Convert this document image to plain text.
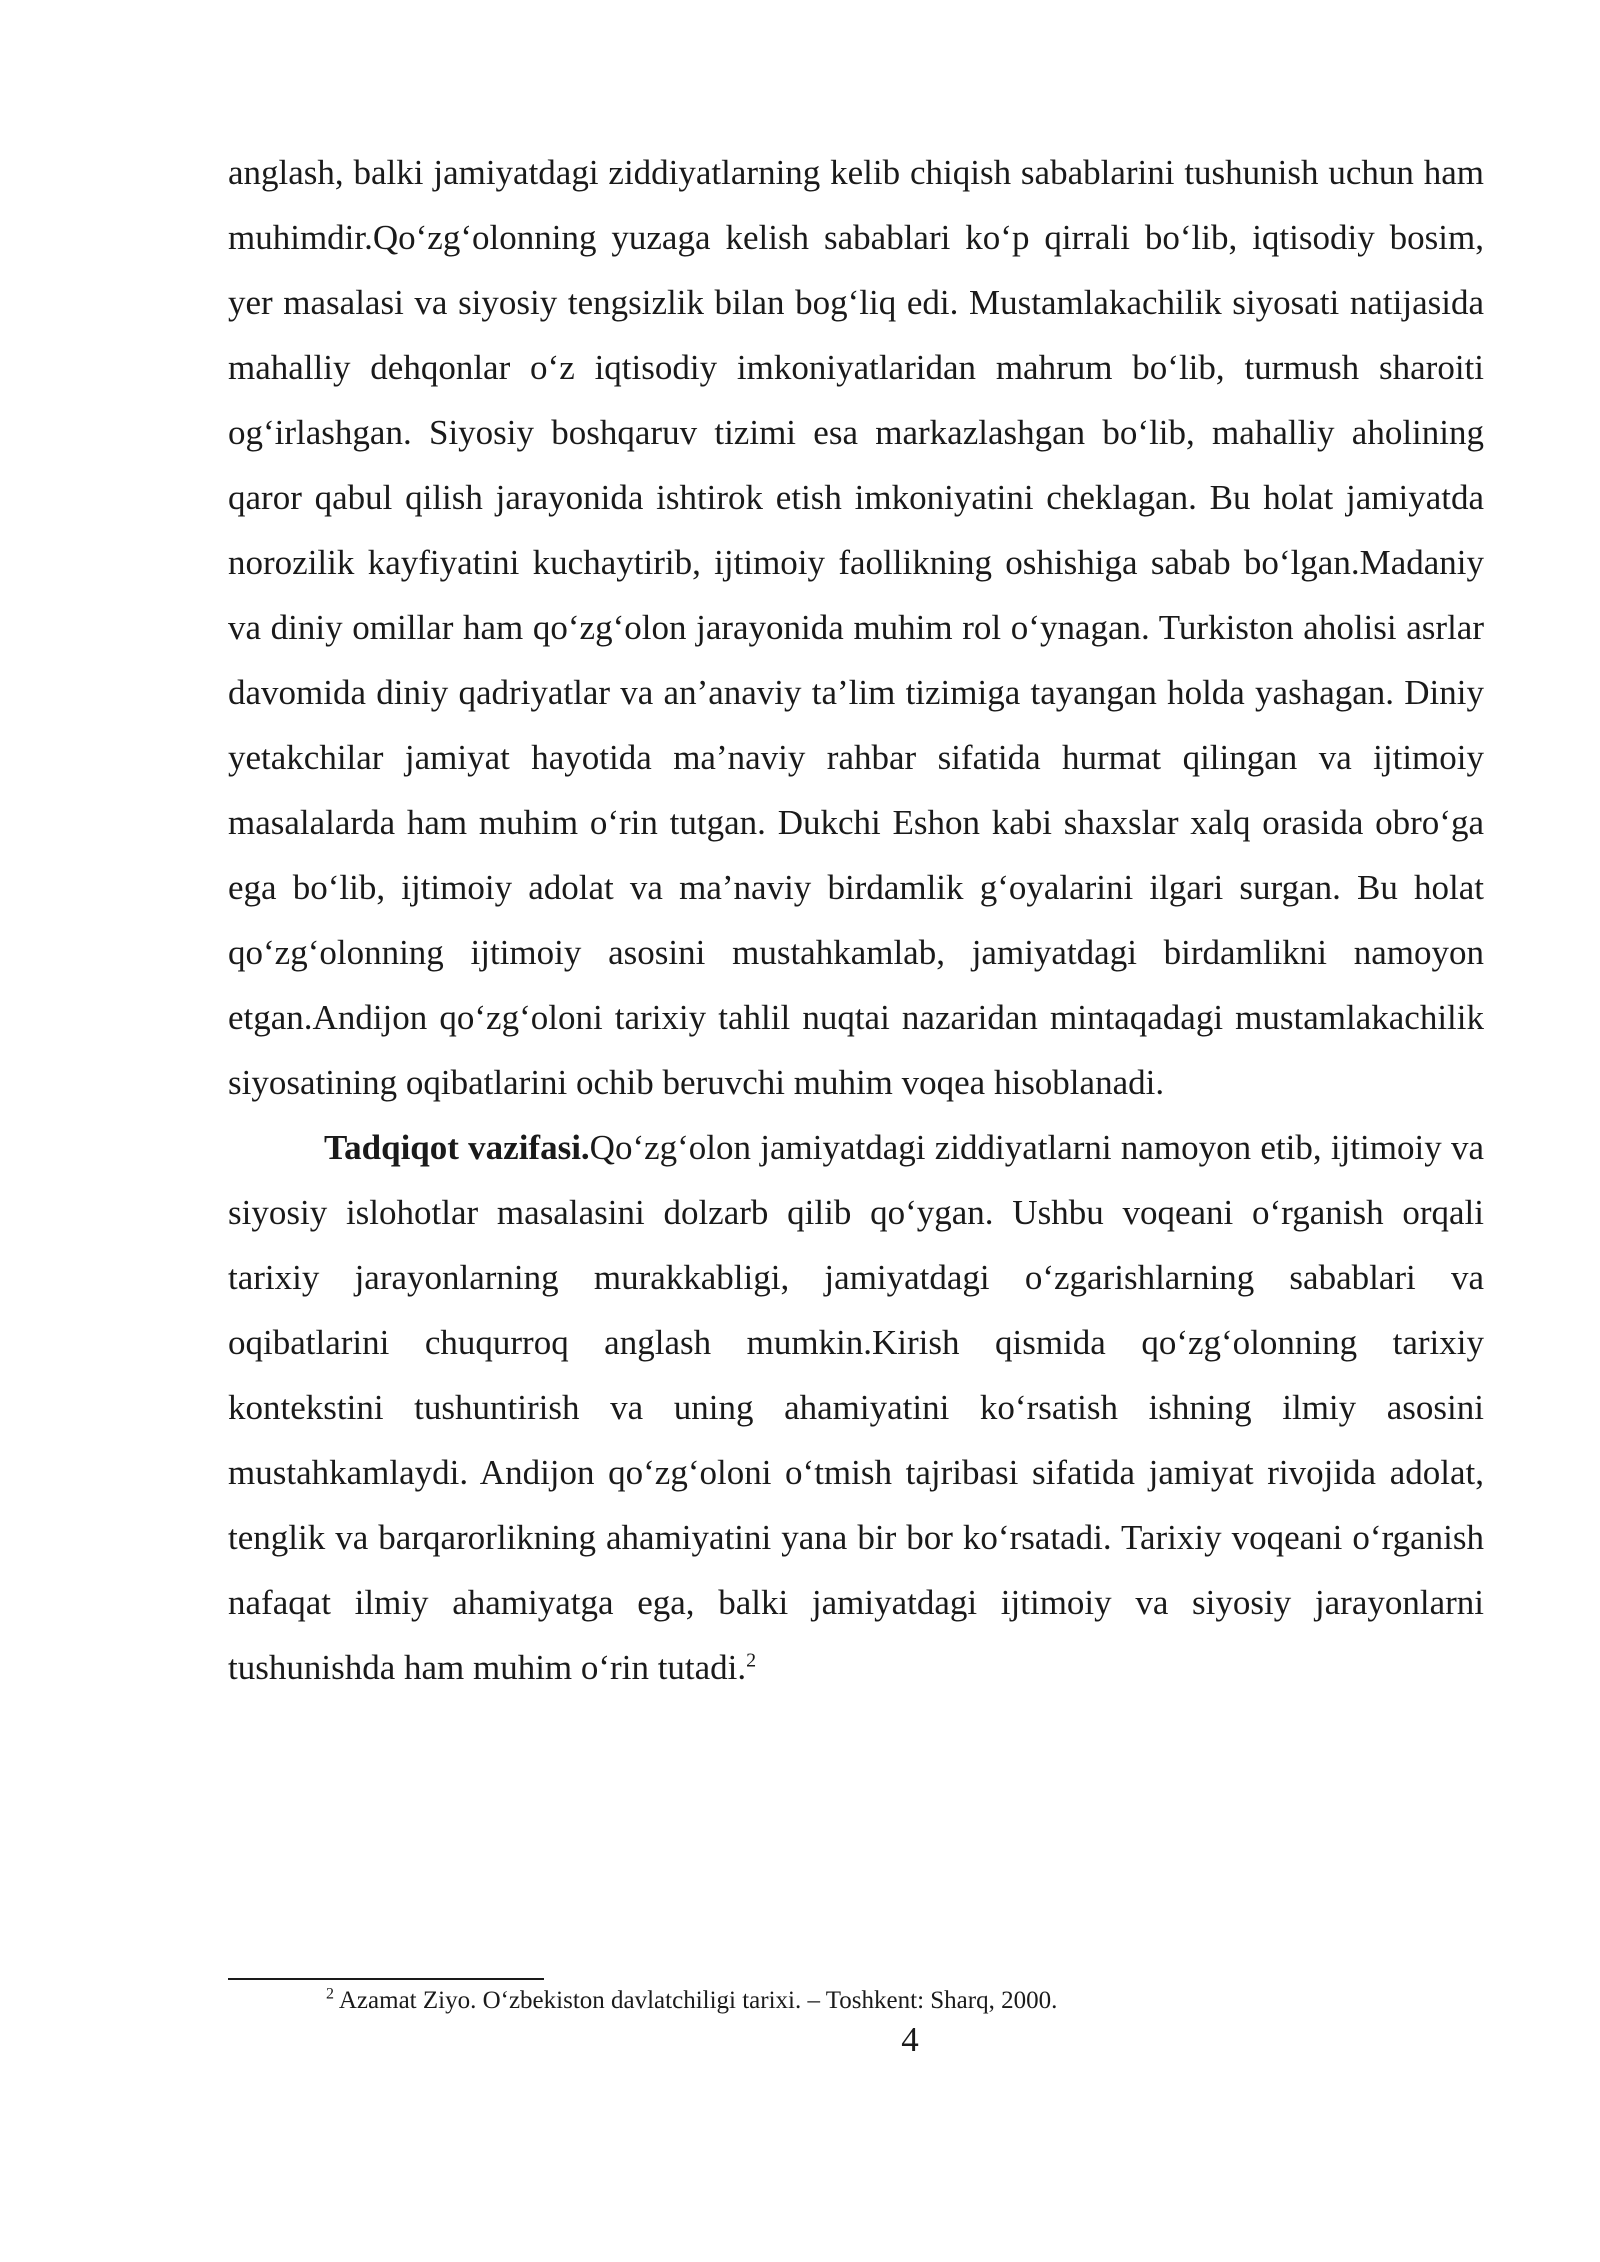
anglash, balki jamiyatdagi ziddiyatlarning kelib chiqish sabablarini tushunish uchun ham muhimdir.Qo‘zg‘olonning yuzaga kelish sabablari ko‘p qirrali bo‘lib, iqtisodiy bosim, yer masalasi va siyosiy tengsizlik bilan bog‘liq edi. Mustamlakachilik siyosati natijasida mahalliy dehqonlar o‘z iqtisodiy imkoniyatlaridan mahrum bo‘lib, turmush sharoiti og‘irlashgan. Siyosiy boshqaruv tizimi esa markazlashgan bo‘lib, mahalliy aholining qaror qabul qilish jarayonida ishtirok etish imkoniyatini cheklagan. Bu holat jamiyatda norozilik kayfiyatini kuchaytirib, ijtimoiy faollikning oshishiga sabab bo‘lgan.Madaniy va diniy omillar ham qo‘zg‘olon jarayonida muhim rol o‘ynagan. Turkiston aholisi asrlar davomida diniy qadriyatlar va an’anaviy ta’lim tizimiga tayangan holda yashagan. Diniy yetakchilar jamiyat hayotida ma’naviy rahbar sifatida hurmat qilingan va ijtimoiy masalalarda ham muhim o‘rin tutgan. Dukchi Eshon kabi shaxslar xalq orasida obro‘ga ega bo‘lib, ijtimoiy adolat va ma’naviy birdamlik g‘oyalarini ilgari surgan. Bu holat qo‘zg‘olonning ijtimoiy asosini mustahkamlab, jamiyatdagi birdamlikni namoyon etgan.Andijon qo‘zg‘oloni tarixiy tahlil nuqtai nazaridan mintaqadagi mustamlakachilik siyosatining oqibatlarini ochib beruvchi muhim voqea hisoblanadi.

Tadqiqot vazifasi.Qo‘zg‘olon jamiyatdagi ziddiyatlarni namoyon etib, ijtimoiy va siyosiy islohotlar masalasini dolzarb qilib qo‘ygan. Ushbu voqeani o‘rganish orqali tarixiy jarayonlarning murakkabligi, jamiyatdagi o‘zgarishlarning sabablari va oqibatlarini chuqurroq anglash mumkin.Kirish qismida qo‘zg‘olonning tarixiy kontekstini tushuntirish va uning ahamiyatini ko‘rsatish ishning ilmiy asosini mustahkamlaydi. Andijon qo‘zg‘oloni o‘tmish tajribasi sifatida jamiyat rivojida adolat, tenglik va barqarorlikning ahamiyatini yana bir bor ko‘rsatadi. Tarixiy voqeani o‘rganish nafaqat ilmiy ahamiyatga ega, balki jamiyatdagi ijtimoiy va siyosiy jarayonlarni tushunishda ham muhim o‘rin tutadi.$^2$

$^2$ Azamat Ziyo. O‘zbekiston davlatchiligi tarixi. – Toshkent: Sharq, 2000.
4
